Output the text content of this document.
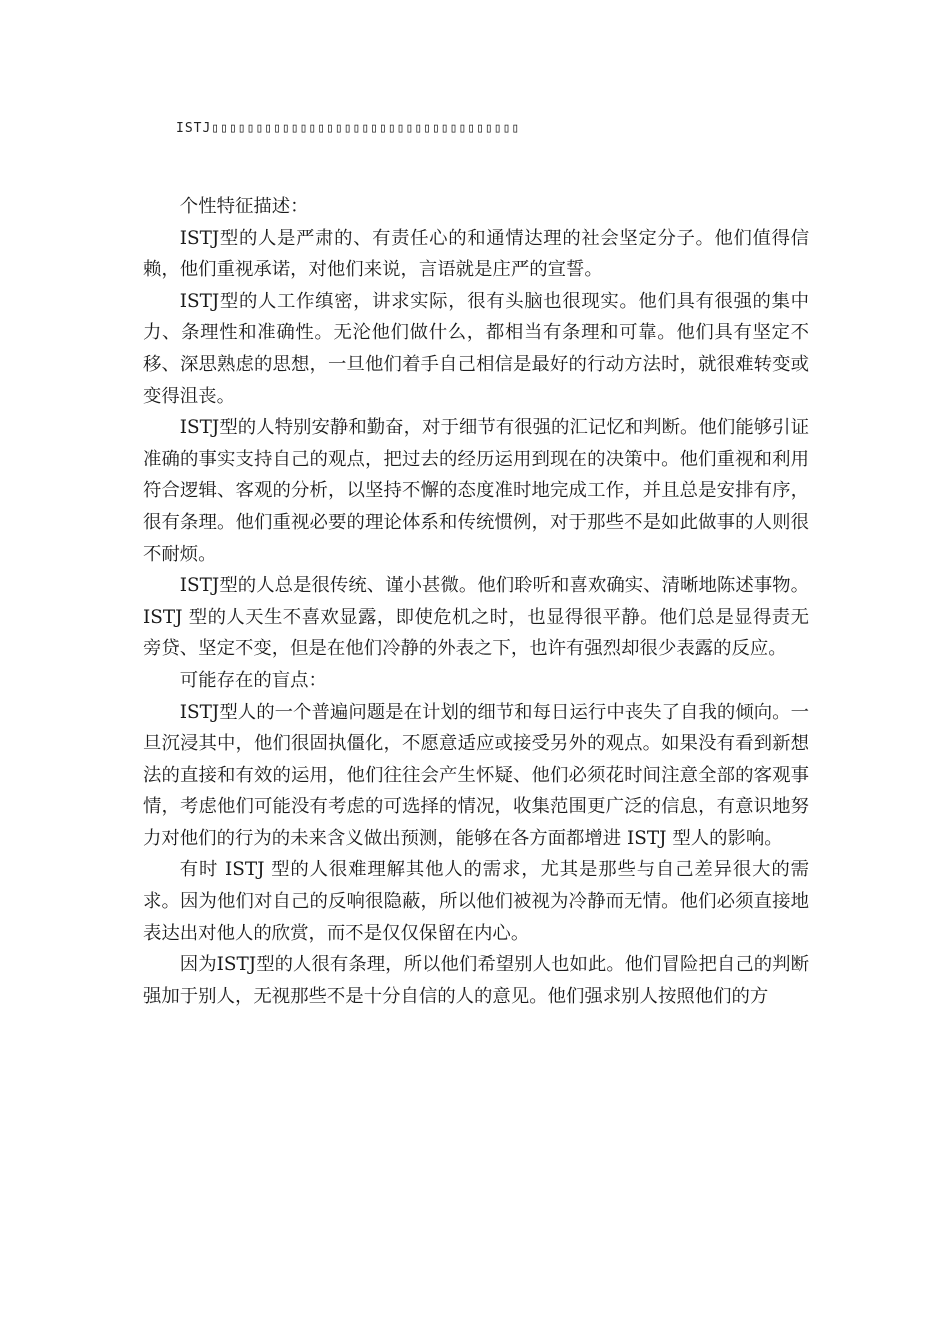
ISTJ▯▯▯▯▯▯▯▯▯▯▯▯▯▯▯▯▯▯▯▯▯▯▯▯▯▯▯▯▯▯▯▯▯▯▯

个性特征描述：

ISTJ型的人是严肃的、有责任心的和通情达理的社会坚定分子。他们值得信赖，他们重视承诺，对他们来说，言语就是庄严的宣誓。

ISTJ型的人工作缜密，讲求实际，很有头脑也很现实。他们具有很强的集中力、条理性和准确性。无沦他们做什么，都相当有条理和可靠。他们具有坚定不移、深思熟虑的思想，一旦他们着手自己相信是最好的行动方法时，就很难转变或变得沮丧。

ISTJ型的人特别安静和勤奋，对于细节有很强的汇记忆和判断。他们能够引证准确的事实支持自己的观点，把过去的经历运用到现在的决策中。他们重视和利用符合逻辑、客观的分析，以坚持不懈的态度准时地完成工作，并且总是安排有序，很有条理。他们重视必要的理论体系和传统惯例，对于那些不是如此做事的人则很不耐烦。

ISTJ型的人总是很传统、谨小甚微。他们聆听和喜欢确实、清晰地陈述事物。ISTJ 型的人天生不喜欢显露，即使危机之时，也显得很平静。他们总是显得责无旁贷、坚定不变，但是在他们冷静的外表之下，也许有强烈却很少表露的反应。

可能存在的盲点：

ISTJ型人的一个普遍问题是在计划的细节和每日运行中丧失了自我的倾向。一旦沉浸其中，他们很固执僵化，不愿意适应或接受另外的观点。如果没有看到新想法的直接和有效的运用，他们往往会产生怀疑、他们必须花时间注意全部的客观事情，考虑他们可能没有考虑的可选择的情况，收集范围更广泛的信息，有意识地努力对他们的行为的未来含义做出预测，能够在各方面都增进 ISTJ 型人的影响。

有时 ISTJ 型的人很难理解其他人的需求，尤其是那些与自己差异很大的需求。因为他们对自己的反响很隐蔽，所以他们被视为冷静而无情。他们必须直接地表达出对他人的欣赏，而不是仅仅保留在内心。

因为ISTJ型的人很有条理，所以他们希望别人也如此。他们冒险把自己的判断强加于别人，无视那些不是十分自信的人的意见。他们强求别人按照他们的方
